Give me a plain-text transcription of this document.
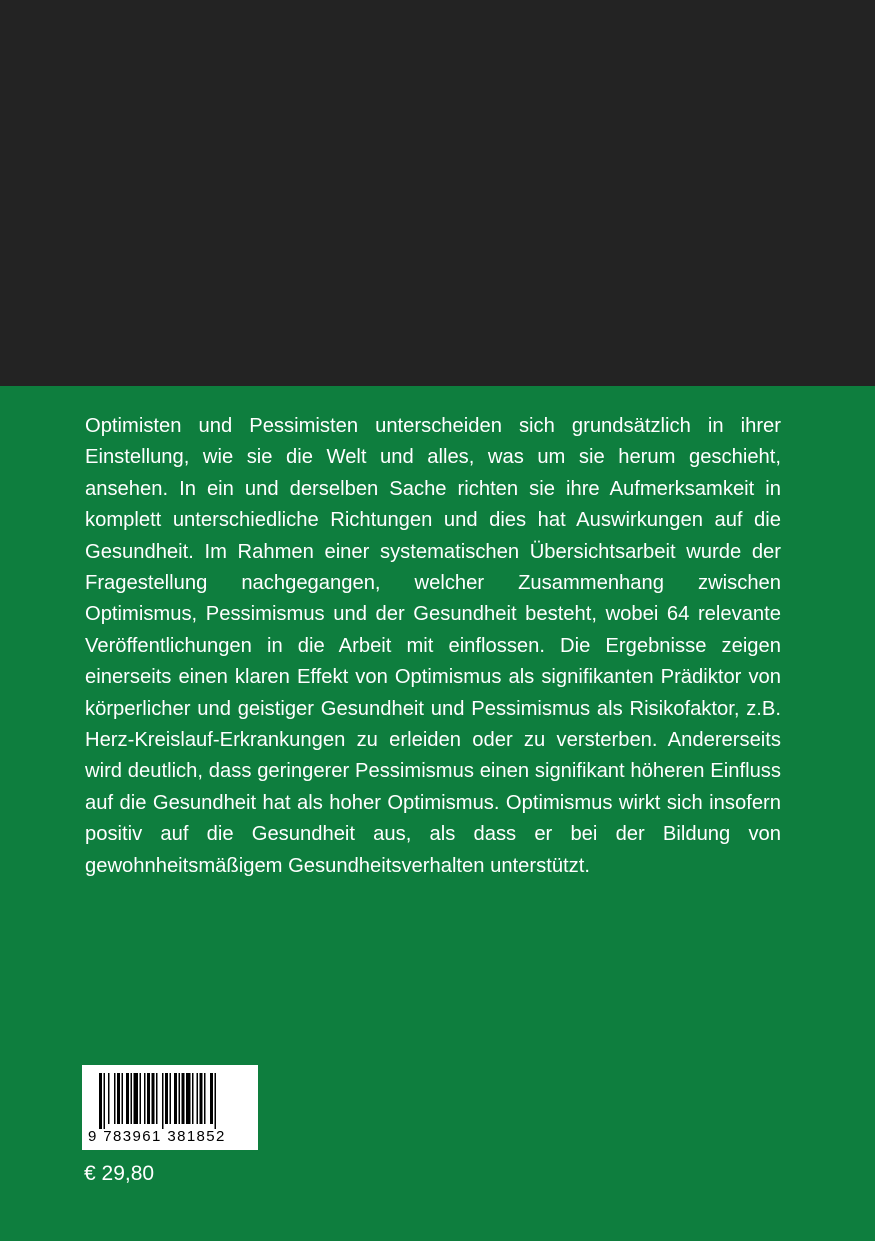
Optimisten und Pessimisten unterscheiden sich grundsätzlich in ihrer Einstellung, wie sie die Welt und alles, was um sie herum geschieht, ansehen. In ein und derselben Sache richten sie ihre Aufmerksamkeit in komplett unterschiedliche Richtungen und dies hat Auswirkungen auf die Gesundheit. Im Rahmen einer systematischen Übersichtsarbeit wurde der Fragestellung nachgegangen, welcher Zusammenhang zwischen Optimismus, Pessimismus und der Gesundheit besteht, wobei 64 relevante Veröffentlichungen in die Arbeit mit einflossen. Die Ergebnisse zeigen einerseits einen klaren Effekt von Optimismus als signifikanten Prädiktor von körperlicher und geistiger Gesundheit und Pessimismus als Risikofaktor, z.B. Herz-Kreislauf-Erkrankungen zu erleiden oder zu versterben. Andererseits wird deutlich, dass geringerer Pessimismus einen signifikant höheren Einfluss auf die Gesundheit hat als hoher Optimismus. Optimismus wirkt sich insofern positiv auf die Gesundheit aus, als dass er bei der Bildung von gewohnheitsmäßigem Gesundheitsverhalten unterstützt.

9 783961 381852
€ 29,80
